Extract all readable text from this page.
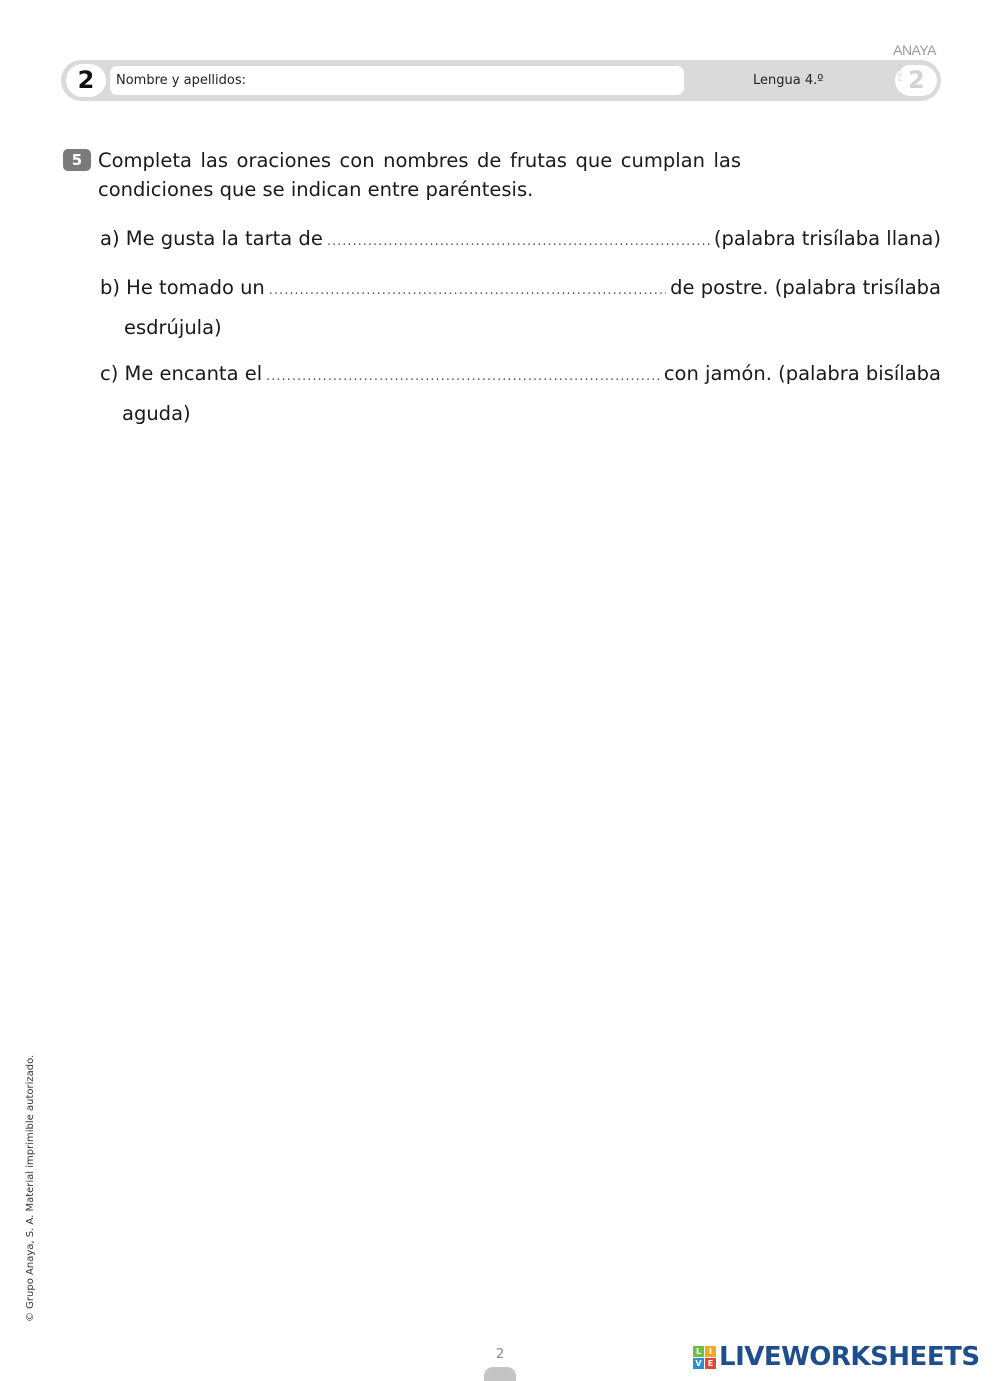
ANAYA
2	Nombre y apellidos:	Lengua 4.º	FICHA 2
5 Completa las oraciones con nombres de frutas que cumplan las condiciones que se indican entre paréntesis.
a) Me gusta la tarta de .....	(palabra trisílaba llana)
b) He tomado un .....	de postre. (palabra trisílaba
esdrújula)
c) Me encanta el .....	con jamón. (palabra bisílaba
aguda)
© Grupo Anaya, S. A. Material imprimible autorizado.
2	L I
V E LIVEWORKSHEETS
